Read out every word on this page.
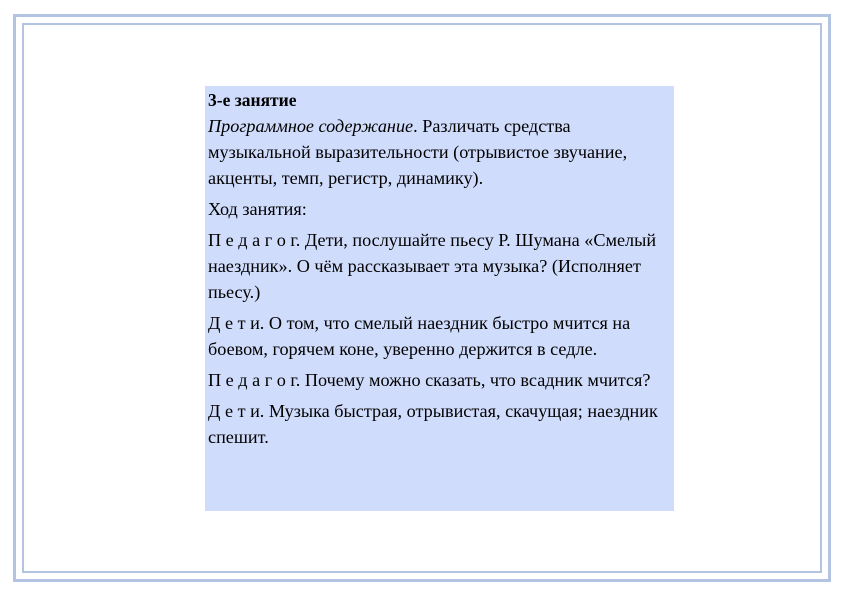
3-е занятие

Программное содержание. Различать средства музыкальной выразительности (отрывистое звучание, акценты, темп, регистр, динамику).

Ход занятия:

П е д а г о г. Дети, послушайте пьесу Р. Шумана «Смелый наездник». О чём рассказывает эта музыка? (Исполняет пьесу.)

Д е т и. О том, что смелый наездник быстро мчится на боевом, горячем коне, уверенно держится в седле.

П е д а г о г. Почему можно сказать, что всадник мчится?

Д е т и. Музыка быстрая, отрывистая, скачущая; наездник спешит.
